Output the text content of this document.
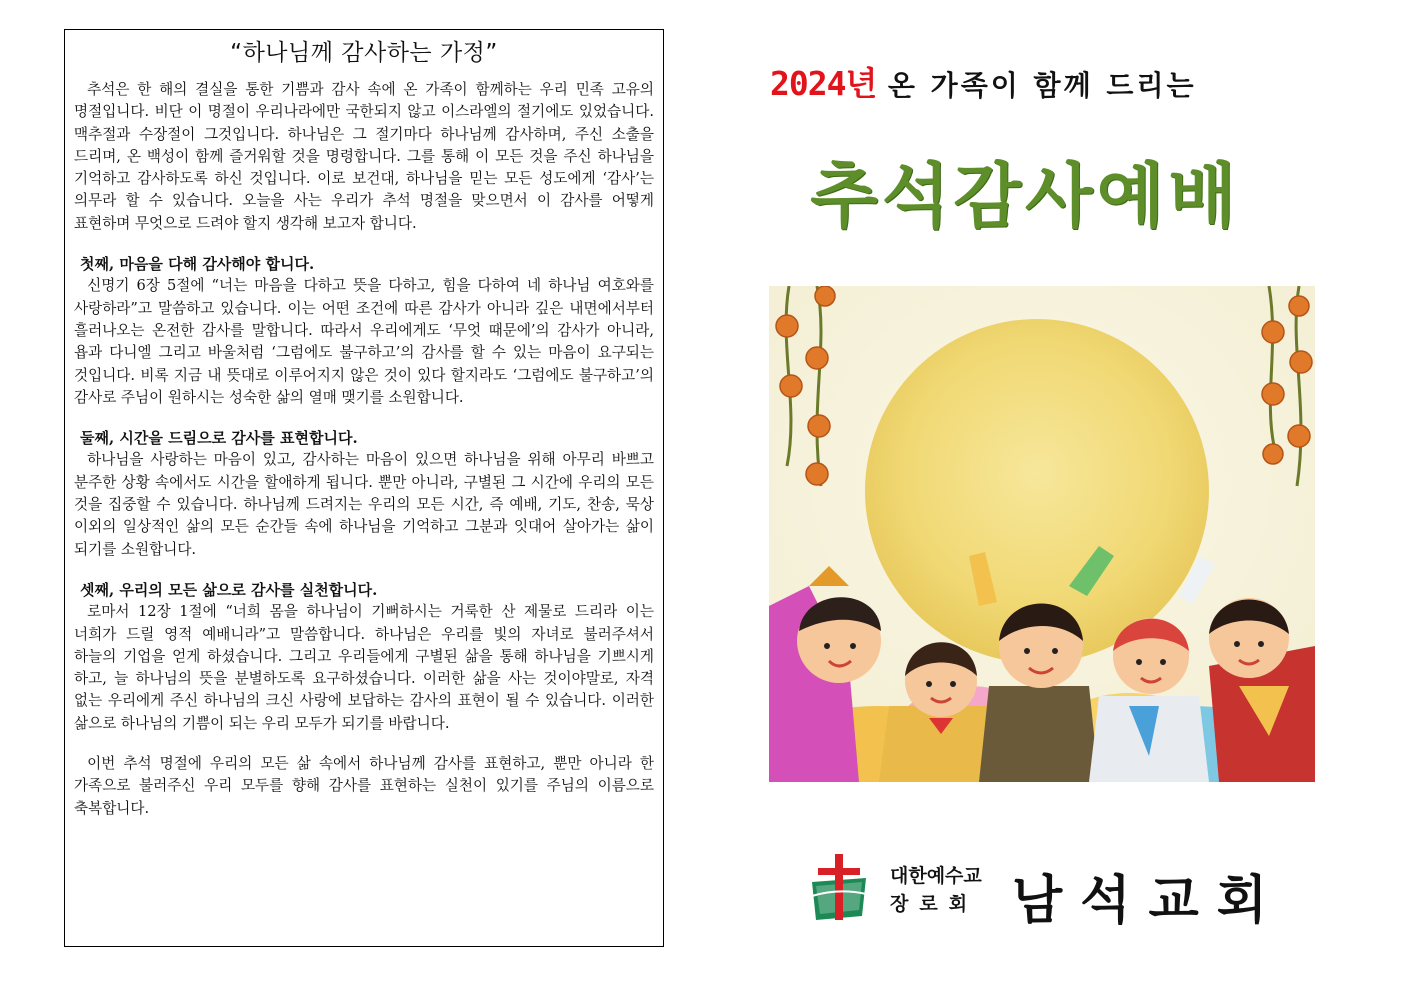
“하나님께 감사하는 가정”

추석은 한 해의 결실을 통한 기쁨과 감사 속에 온 가족이 함께하는 우리 민족 고유의 명절입니다. 비단 이 명절이 우리나라에만 국한되지 않고 이스라엘의 절기에도 있었습니다. 맥추절과 수장절이 그것입니다. 하나님은 그 절기마다 하나님께 감사하며, 주신 소출을 드리며, 온 백성이 함께 즐거워할 것을 명령합니다. 그를 통해 이 모든 것을 주신 하나님을 기억하고 감사하도록 하신 것입니다. 이로 보건대, 하나님을 믿는 모든 성도에게 ‘감사’는 의무라 할 수 있습니다. 오늘을 사는 우리가 추석 명절을 맞으면서 이 감사를 어떻게 표현하며 무엇으로 드려야 할지 생각해 보고자 합니다.

첫째, 마음을 다해 감사해야 합니다.

신명기 6장 5절에 “너는 마음을 다하고 뜻을 다하고, 힘을 다하여 네 하나님 여호와를 사랑하라”고 말씀하고 있습니다. 이는 어떤 조건에 따른 감사가 아니라 깊은 내면에서부터 흘러나오는 온전한 감사를 말합니다. 따라서 우리에게도 ‘무엇 때문에’의 감사가 아니라, 욥과 다니엘 그리고 바울처럼 ‘그럼에도 불구하고’의 감사를 할 수 있는 마음이 요구되는 것입니다. 비록 지금 내 뜻대로 이루어지지 않은 것이 있다 할지라도 ‘그럼에도 불구하고’의 감사로 주님이 원하시는 성숙한 삶의 열매 맺기를 소원합니다.

둘째, 시간을 드림으로 감사를 표현합니다.

하나님을 사랑하는 마음이 있고, 감사하는 마음이 있으면 하나님을 위해 아무리 바쁘고 분주한 상황 속에서도 시간을 할애하게 됩니다. 뿐만 아니라, 구별된 그 시간에 우리의 모든 것을 집중할 수 있습니다. 하나님께 드려지는 우리의 모든 시간, 즉 예배, 기도, 찬송, 묵상 이외의 일상적인 삶의 모든 순간들 속에 하나님을 기억하고 그분과 잇대어 살아가는 삶이 되기를 소원합니다.

셋째, 우리의 모든 삶으로 감사를 실천합니다.

로마서 12장 1절에 “너희 몸을 하나님이 기뻐하시는 거룩한 산 제물로 드리라 이는 너희가 드릴 영적 예배니라”고 말씀합니다. 하나님은 우리를 빛의 자녀로 불러주셔서 하늘의 기업을 얻게 하셨습니다. 그리고 우리들에게 구별된 삶을 통해 하나님을 기쁘시게 하고, 늘 하나님의 뜻을 분별하도록 요구하셨습니다. 이러한 삶을 사는 것이야말로, 자격 없는 우리에게 주신 하나님의 크신 사랑에 보답하는 감사의 표현이 될 수 있습니다. 이러한 삶으로 하나님의 기쁨이 되는 우리 모두가 되기를 바랍니다.

이번 추석 명절에 우리의 모든 삶 속에서 하나님께 감사를 표현하고, 뿐만 아니라 한 가족으로 불러주신 우리 모두를 향해 감사를 표현하는 실천이 있기를 주님의 이름으로 축복합니다.

2024년 온 가족이 함께 드리는
추석감사예배
대한예수교
장로회 남석교회
